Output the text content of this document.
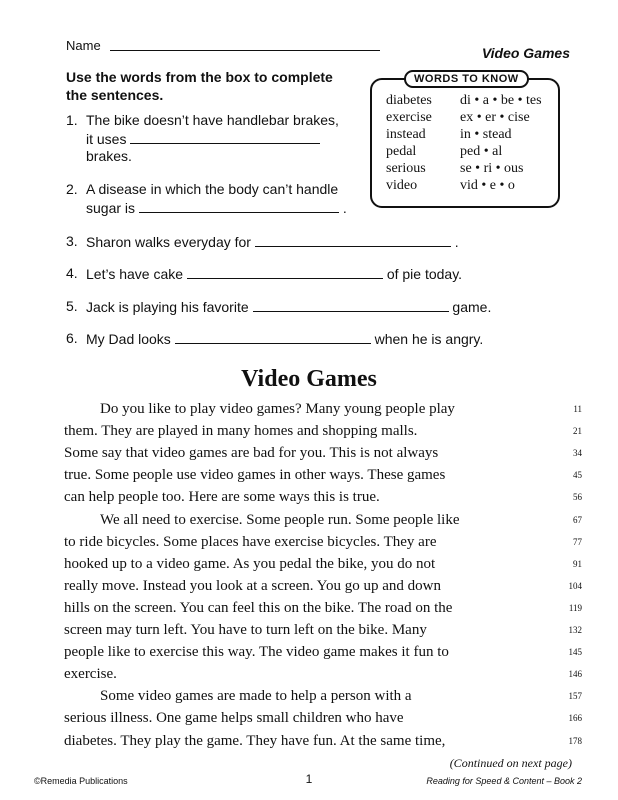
Name	Video Games
Use the words from the box to complete
the sentences.
1. The bike doesn’t have handlebar brakes,
it uses
brakes.
2. A disease in which the body can’t handle
sugar is	.
3. Sharon walks everyday for	.
4. Let’s have cake	of pie today.
5. Jack is playing his favorite	game.
6. My Dad looks	when he is angry.
diabetes di • a • be • tes
exercise ex • er • cise
instead in • stead
pedal	ped • al
serious se • ri • ous
video	vid • e • o
WORDS TO KNOW
Video Games
Do you like to play video games? Many young people play	11
them. They are played in many homes and shopping malls.	21
Some say that video games are bad for you. This is not always	34
true. Some people use video games in other ways. These games	45
can help people too. Here are some ways this is true.	56
We all need to exercise. Some people run. Some people like	67
to ride bicycles. Some places have exercise bicycles. They are	77
hooked up to a video game. As you pedal the bike, you do not	91
really move. Instead you look at a screen. You go up and down	104
hills on the screen. You can feel this on the bike. The road on the	119
screen may turn left. You have to turn left on the bike. Many	132
people like to exercise this way. The video game makes it fun to	145
exercise.	146
Some video games are made to help a person with a	157
serious illness. One game helps small children who have	166
diabetes. They play the game. They have fun. At the same time,	178
(Continued on next page)
©Remedia Publications	1	Reading for Speed & Content – Book 2
